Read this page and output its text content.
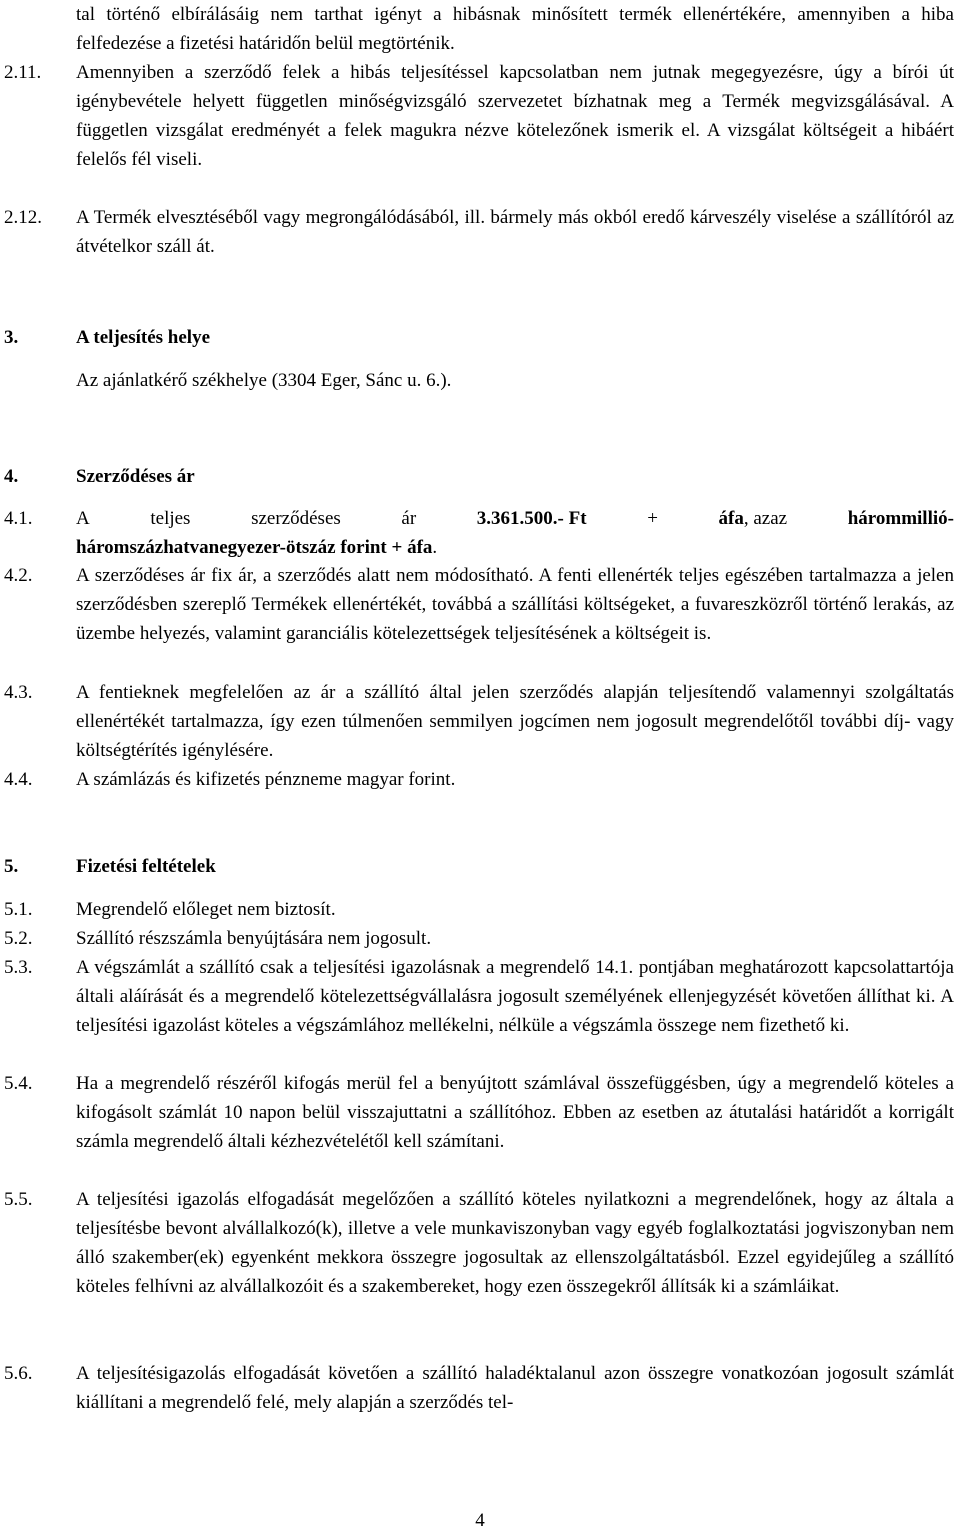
tal történő elbírálásáig nem tarthat igényt a hibásnak minősített termék ellenértékére, amennyiben a hiba felfedezése a fizetési határidőn belül megtörténik.
2.11.	Amennyiben a szerződő felek a hibás teljesítéssel kapcsolatban nem jutnak megegyezésre, úgy a bírói út igénybevétele helyett független minőségvizsgáló szervezetet bízhatnak meg a Termék megvizsgálásával. A független vizsgálat eredményét a felek magukra nézve kötelezőnek ismerik el. A vizsgálat költségeit a hibáért felelős fél viseli.
2.12.	A Termék elvesztéséből vagy megrongálódásából, ill. bármely más okból eredő kárveszély viselése a szállítóról az átvételkor száll át.
3.	A teljesítés helye
Az ajánlatkérő székhelye (3304 Eger, Sánc u. 6.).
4.	Szerződéses ár
4.1.	A	teljes	szerződéses	ár	3.361.500.- Ft	+	áfa, azaz	hárommillió-
háromszázhatvanegyezer-ötszáz forint + áfa.
4.2.	A szerződéses ár fix ár, a szerződés alatt nem módosítható. A fenti ellenérték teljes egészében tartalmazza a jelen szerződésben szereplő Termékek ellenértékét, továbbá a szállítási költségeket, a fuvareszközről történő lerakás, az üzembe helyezés, valamint garanciális kötelezettségek teljesítésének a költségeit is.
4.3.	A fentieknek megfelelően az ár a szállító által jelen szerződés alapján teljesítendő valamennyi szolgáltatás ellenértékét tartalmazza, így ezen túlmenően semmilyen jogcímen nem jogosult megrendelőtől további díj- vagy költségtérítés igénylésére.
4.4.	A számlázás és kifizetés pénzneme magyar forint.
5.	Fizetési feltételek
5.1.	Megrendelő előleget nem biztosít.
5.2.	Szállító részszámla benyújtására nem jogosult.
5.3.	A végszámlát a szállító csak a teljesítési igazolásnak a megrendelő 14.1. pontjában meghatározott kapcsolattartója általi aláírását és a megrendelő kötelezettségvállalásra jogosult személyének ellenjegyzését követően állíthat ki. A teljesítési igazolást köteles a végszámlához mellékelni, nélküle a végszámla összege nem fizethető ki.
5.4.	Ha a megrendelő részéről kifogás merül fel a benyújtott számlával összefüggésben, úgy a megrendelő köteles a kifogásolt számlát 10 napon belül visszajuttatni a szállítóhoz. Ebben az esetben az átutalási határidőt a korrigált számla megrendelő általi kézhezvételétől kell számítani.
5.5.	A teljesítési igazolás elfogadását megelőzően a szállító köteles nyilatkozni a megrendelőnek, hogy az általa a teljesítésbe bevont alvállalkozó(k), illetve a vele munkaviszonyban vagy egyéb foglalkoztatási jogviszonyban nem álló szakember(ek) egyenként mekkora összegre jogosultak az ellenszolgáltatásból. Ezzel egyidejűleg a szállító köteles felhívni az alvállalkozóit és a szakembereket, hogy ezen összegekről állítsák ki a számláikat.
5.6.	A teljesítésigazolás elfogadását követően a szállító haladéktalanul azon összegre vonatkozóan jogosult számlát kiállítani a megrendelő felé, mely alapján a szerződés tel-
4
